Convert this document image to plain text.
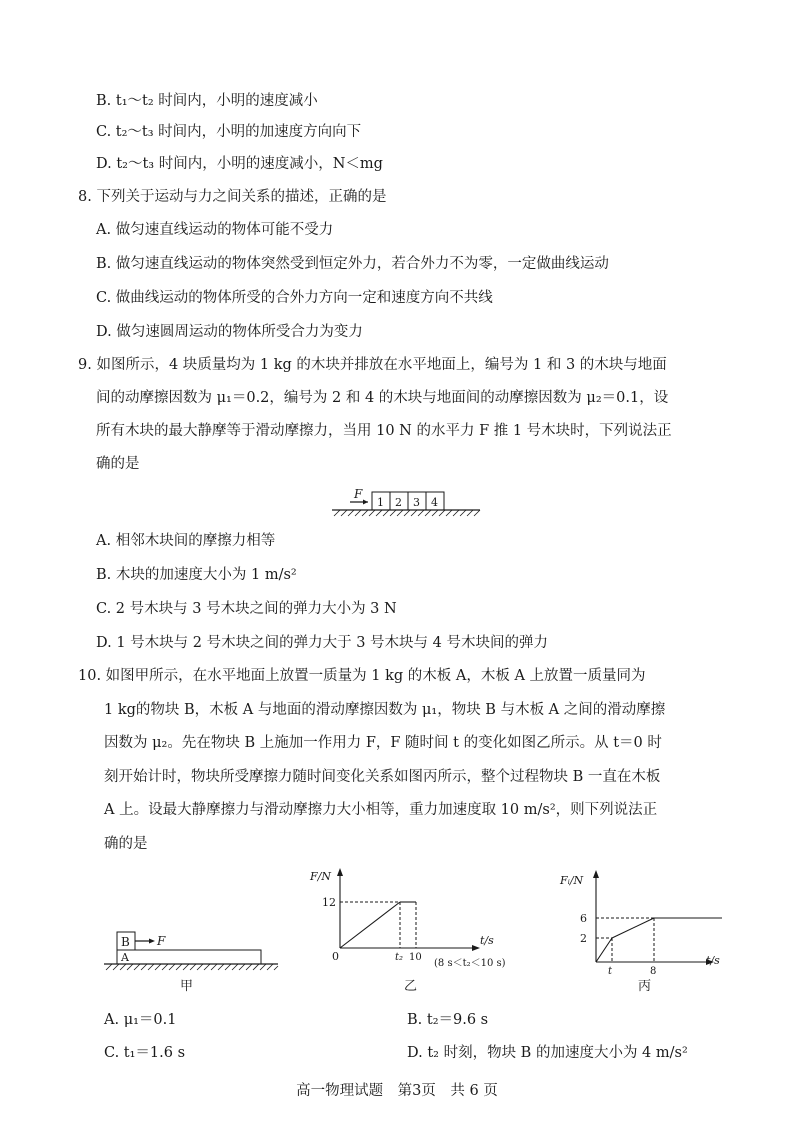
B. t₁～t₂ 时间内，小明的速度减小
C. t₂～t₃ 时间内，小明的加速度方向向下
D. t₂～t₃ 时间内，小明的速度减小，N＜mg
8. 下列关于运动与力之间关系的描述，正确的是
A. 做匀速直线运动的物体可能不受力
B. 做匀速直线运动的物体突然受到恒定外力，若合外力不为零，一定做曲线运动
C. 做曲线运动的物体所受的合外力方向一定和速度方向不共线
D. 做匀速圆周运动的物体所受合力为变力
9. 如图所示，4 块质量均为 1 kg 的木块并排放在水平地面上，编号为 1 和 3 的木块与地面
间的动摩擦因数为 μ₁＝0.2，编号为 2 和 4 的木块与地面间的动摩擦因数为 μ₂＝0.1，设
所有木块的最大静摩等于滑动摩擦力，当用 10 N 的水平力 F 推 1 号木块时，下列说法正
确的是
F
1 2 3 4
A. 相邻木块间的摩擦力相等
B. 木块的加速度大小为 1 m/s²
C. 2 号木块与 3 号木块之间的弹力大小为 3 N
D. 1 号木块与 2 号木块之间的弹力大于 3 号木块与 4 号木块间的弹力
10. 如图甲所示，在水平地面上放置一质量为 1 kg 的木板 A，木板 A 上放置一质量同为
1 kg的物块 B，木板 A 与地面的滑动摩擦因数为 μ₁，物块 B 与木板 A 之间的滑动摩擦
因数为 μ₂。先在物块 B 上施加一作用力 F，F 随时间 t 的变化如图乙所示。从 t＝0 时
刻开始计时，物块所受摩擦力随时间变化关系如图丙所示，整个过程物块 B 一直在木板
A 上。设最大静摩擦力与滑动摩擦力大小相等，重力加速度取 10 m/s²，则下列说法正
确的是
B F
A
甲
F/N
t/s
0
12
t₂ 10
(8 s＜t₂＜10 s)
乙
Fᵢ/N
t/s
6
2
t	8
丙
A. μ₁＝0.1	B. t₂＝9.6 s
C. t₁＝1.6 s	D. t₂ 时刻，物块 B 的加速度大小为 4 m/s²
高一物理试题　第3页　共 6 页
